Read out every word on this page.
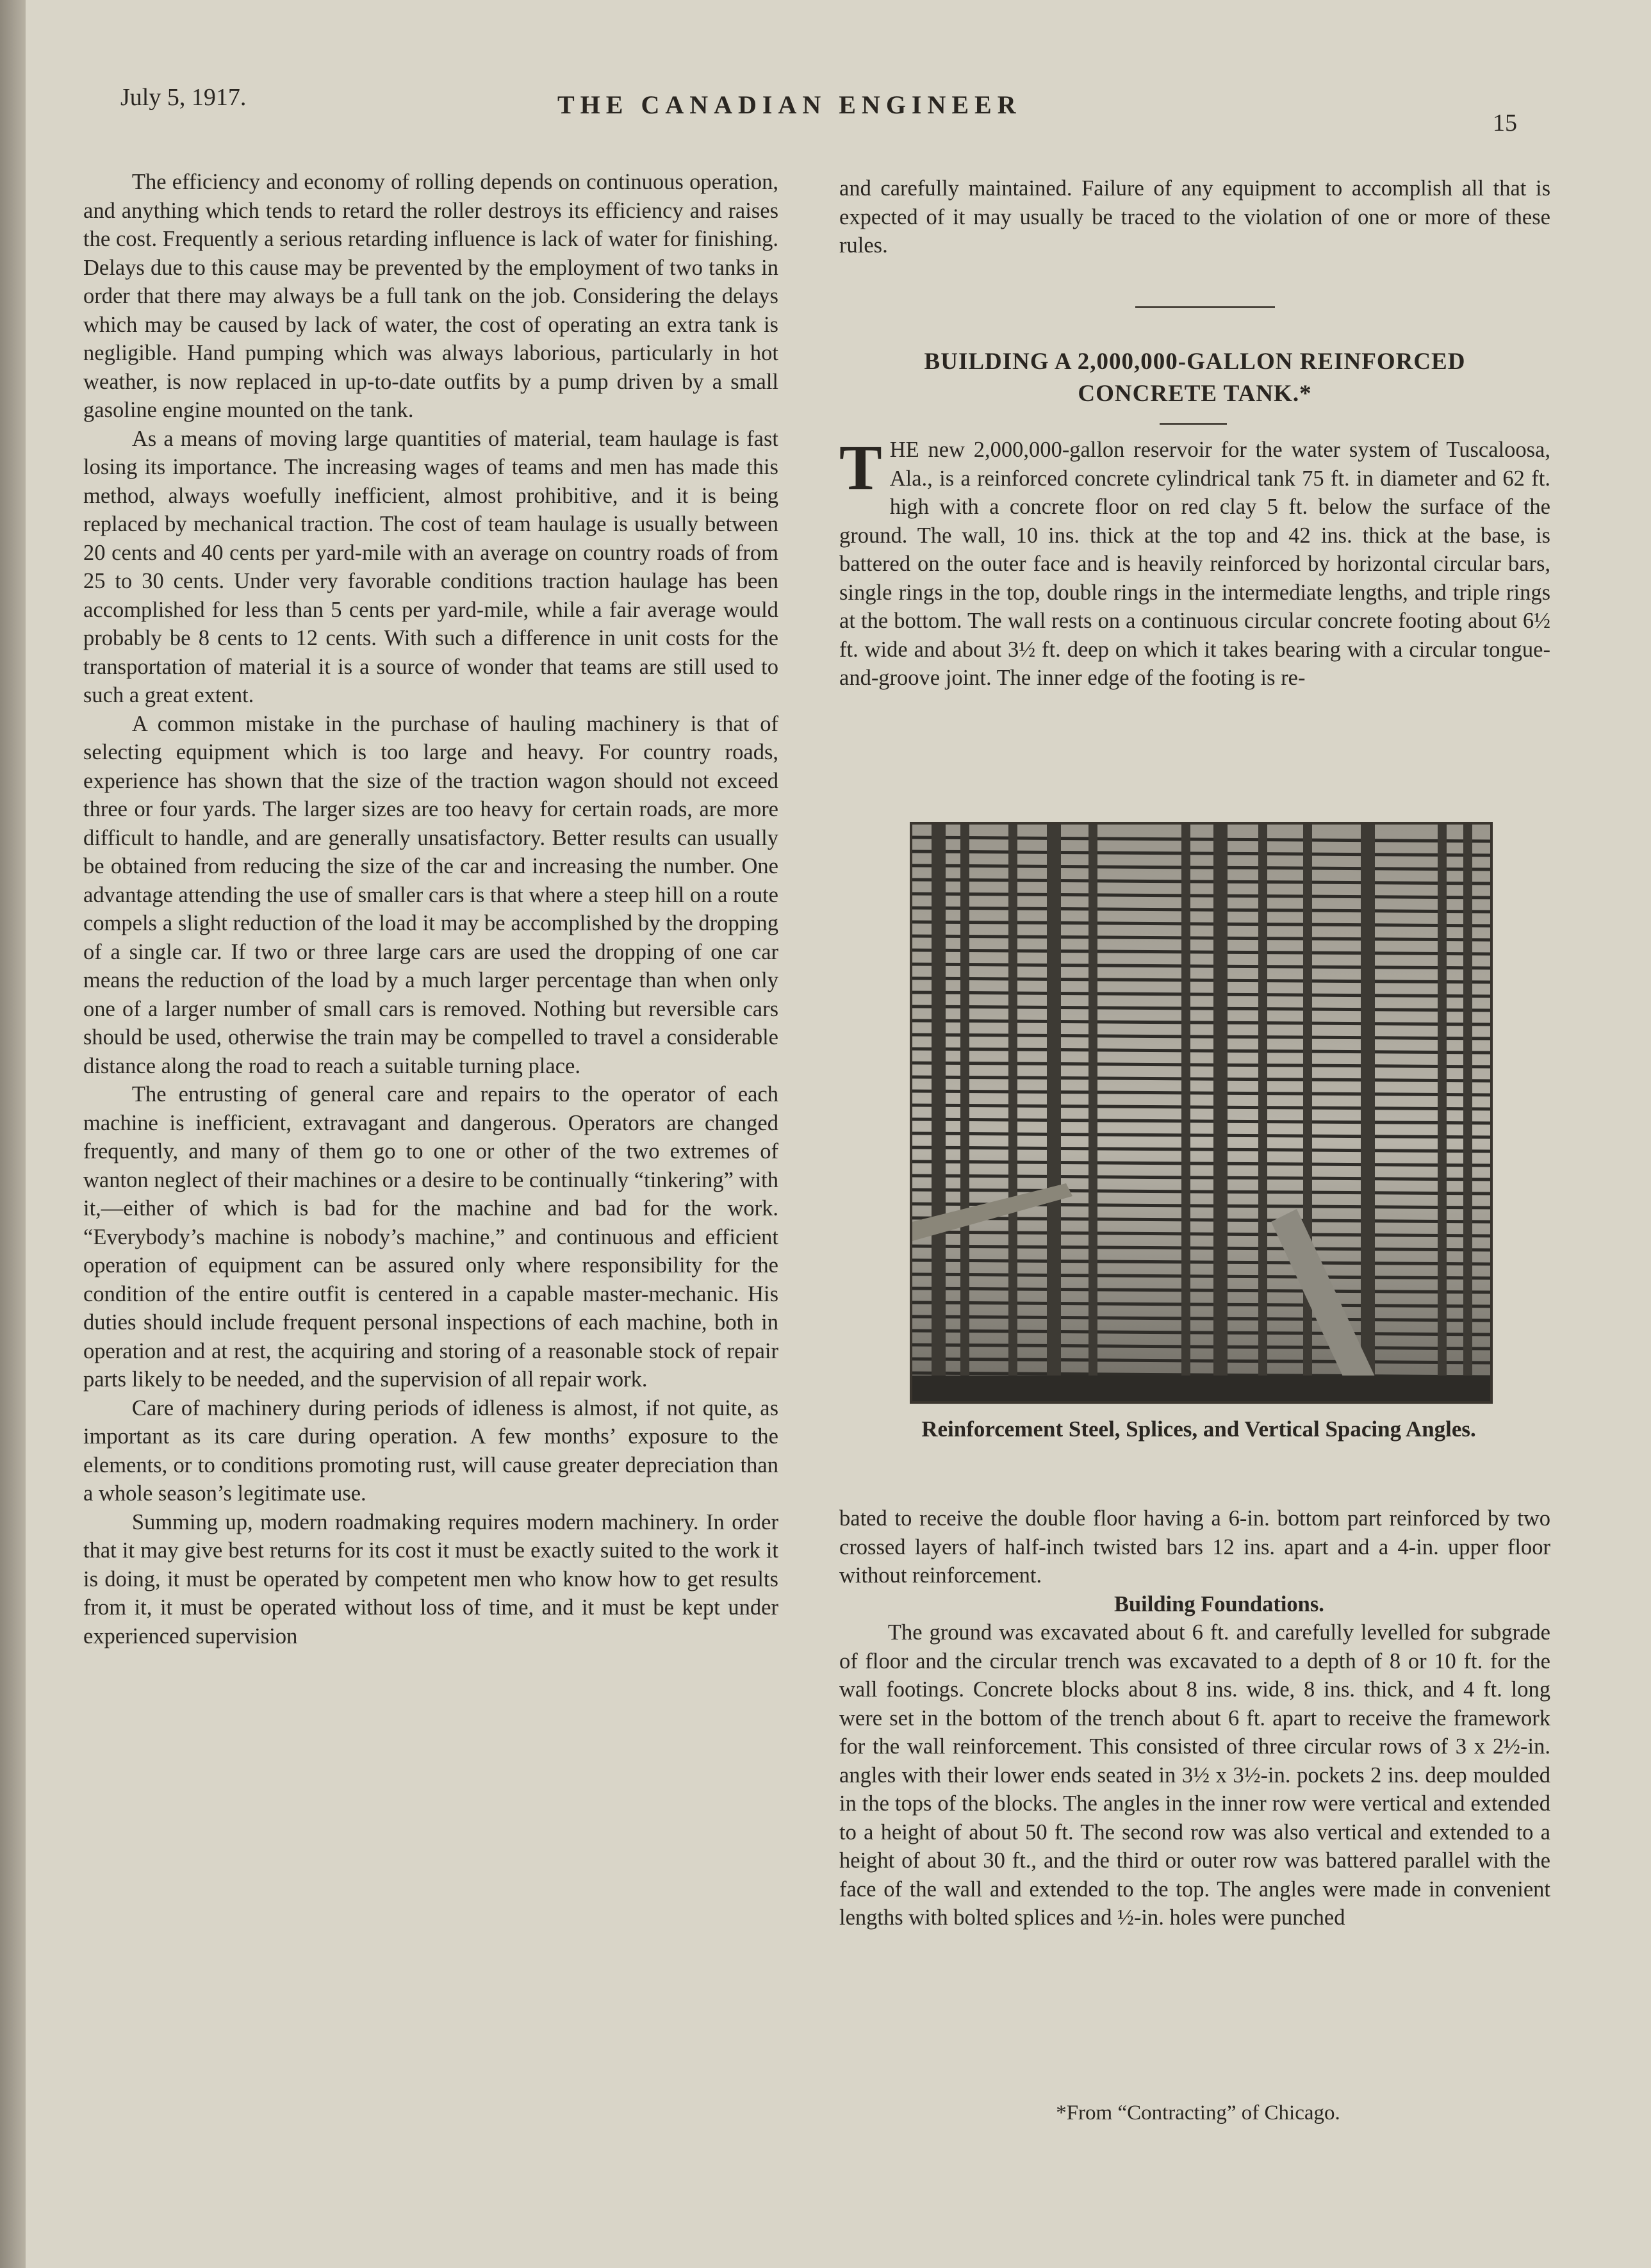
July 5, 1917.	THE CANADIAN ENGINEER
15

The efficiency and economy of rolling depends on continuous operation, and anything which tends to retard the roller destroys its efficiency and raises the cost. Frequently a serious retarding influence is lack of water for finishing. Delays due to this cause may be prevented by the employment of two tanks in order that there may always be a full tank on the job. Considering the delays which may be caused by lack of water, the cost of operating an extra tank is negligible. Hand pumping which was always laborious, particularly in hot weather, is now replaced in up-to-date outfits by a pump driven by a small gasoline engine mounted on the tank.

As a means of moving large quantities of material, team haulage is fast losing its importance. The increasing wages of teams and men has made this method, always woefully inefficient, almost prohibitive, and it is being replaced by mechanical traction. The cost of team haulage is usually between 20 cents and 40 cents per yard-mile with an average on country roads of from 25 to 30 cents. Under very favorable conditions traction haulage has been accomplished for less than 5 cents per yard-mile, while a fair average would probably be 8 cents to 12 cents. With such a difference in unit costs for the transportation of material it is a source of wonder that teams are still used to such a great extent.

A common mistake in the purchase of hauling machinery is that of selecting equipment which is too large and heavy. For country roads, experience has shown that the size of the traction wagon should not exceed three or four yards. The larger sizes are too heavy for certain roads, are more difficult to handle, and are generally unsatisfactory. Better results can usually be obtained from reducing the size of the car and increasing the number. One advantage attending the use of smaller cars is that where a steep hill on a route compels a slight reduction of the load it may be accomplished by the dropping of a single car. If two or three large cars are used the dropping of one car means the reduction of the load by a much larger percentage than when only one of a larger number of small cars is removed. Nothing but reversible cars should be used, otherwise the train may be compelled to travel a considerable distance along the road to reach a suitable turning place.

The entrusting of general care and repairs to the operator of each machine is inefficient, extravagant and dangerous. Operators are changed frequently, and many of them go to one or other of the two extremes of wanton neglect of their machines or a desire to be continually “tinkering” with it,—either of which is bad for the machine and bad for the work. “Everybody’s machine is nobody’s machine,” and continuous and efficient operation of equipment can be assured only where responsibility for the condition of the entire outfit is centered in a capable master-mechanic. His duties should include frequent personal inspections of each machine, both in operation and at rest, the acquiring and storing of a reasonable stock of repair parts likely to be needed, and the supervision of all repair work.

Care of machinery during periods of idleness is almost, if not quite, as important as its care during operation. A few months’ exposure to the elements, or to conditions promoting rust, will cause greater depreciation than a whole season’s legitimate use.

Summing up, modern roadmaking requires modern machinery. In order that it may give best returns for its cost it must be exactly suited to the work it is doing, it must be operated by competent men who know how to get results from it, it must be operated without loss of time, and it must be kept under experienced supervision

and carefully maintained. Failure of any equipment to accomplish all that is expected of it may usually be traced to the violation of one or more of these rules.

BUILDING A 2,000,000-GALLON REINFORCED CONCRETE TANK.*

THE new 2,000,000-gallon reservoir for the water system of Tuscaloosa, Ala., is a reinforced concrete cylindrical tank 75 ft. in diameter and 62 ft. high with a concrete floor on red clay 5 ft. below the surface of the ground. The wall, 10 ins. thick at the top and 42 ins. thick at the base, is battered on the outer face and is heavily reinforced by horizontal circular bars, single rings in the top, double rings in the intermediate lengths, and triple rings at the bottom. The wall rests on a continuous circular concrete footing about 6½ ft. wide and about 3½ ft. deep on which it takes bearing with a circular tongue-and-groove joint. The inner edge of the footing is re-

Reinforcement Steel, Splices, and Vertical Spacing Angles.

bated to receive the double floor having a 6-in. bottom part reinforced by two crossed layers of half-inch twisted bars 12 ins. apart and a 4-in. upper floor without reinforcement.

Building Foundations.

The ground was excavated about 6 ft. and carefully levelled for subgrade of floor and the circular trench was excavated to a depth of 8 or 10 ft. for the wall footings. Concrete blocks about 8 ins. wide, 8 ins. thick, and 4 ft. long were set in the bottom of the trench about 6 ft. apart to receive the framework for the wall reinforcement. This consisted of three circular rows of 3 x 2½-in. angles with their lower ends seated in 3½ x 3½-in. pockets 2 ins. deep moulded in the tops of the blocks. The angles in the inner row were vertical and extended to a height of about 50 ft. The second row was also vertical and extended to a height of about 30 ft., and the third or outer row was battered parallel with the face of the wall and extended to the top. The angles were made in convenient lengths with bolted splices and ½-in. holes were punched

*From “Contracting” of Chicago.
